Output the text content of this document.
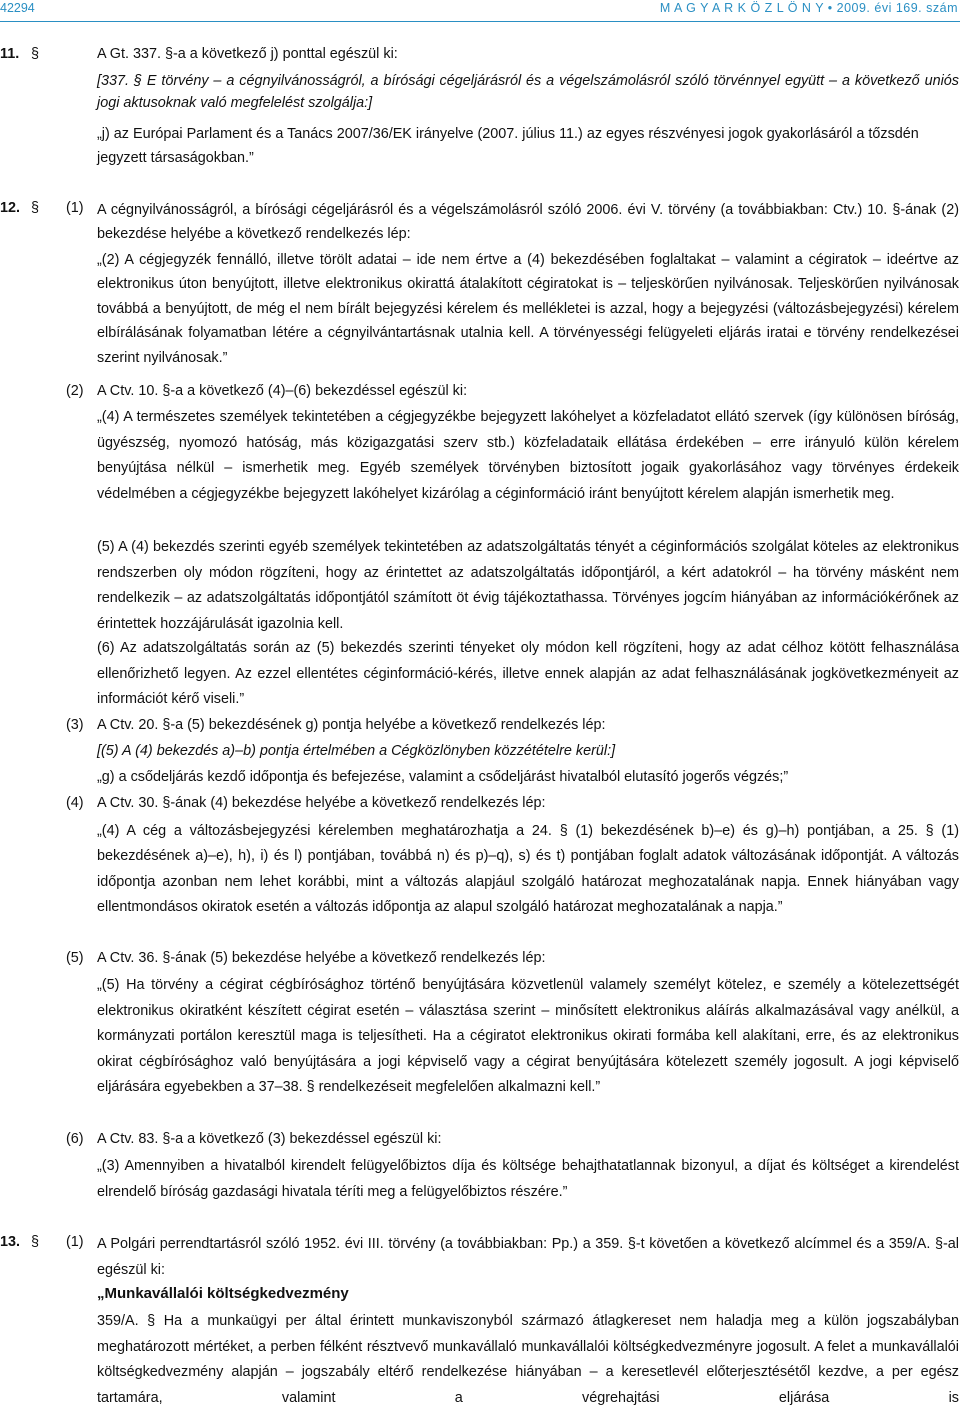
42294	M A G Y A R K Ö Z L Ö N Y • 2009. évi 169. szám
11. §	A Gt. 337. §-a a következő j) ponttal egészül ki:
[337. § E törvény – a cégnyilvánosságról, a bírósági cégeljárásról és a végelszámolásról szóló törvénnyel együtt – a következő uniós jogi aktusoknak való megfelelést szolgálja:]
„j) az Európai Parlament és a Tanács 2007/36/EK irányelve (2007. július 11.) az egyes részvényesi jogok gyakorlásáról a tőzsdén jegyzett társaságokban.”
12. §	(1) A cégnyilvánosságról, a bírósági cégeljárásról és a végelszámolásról szóló 2006. évi V. törvény (a továbbiakban: Ctv.) 10. §-ának (2) bekezdése helyébe a következő rendelkezés lép:
„(2) A cégjegyzék fennálló, illetve törölt adatai – ide nem értve a (4) bekezdésében foglaltakat – valamint a cégiratok – ideértve az elektronikus úton benyújtott, illetve elektronikus okirattá átalakított cégiratokat is – teljeskörűen nyilvánosak. Teljeskörűen nyilvánosak továbbá a benyújtott, de még el nem bírált bejegyzési kérelem és mellékletei is azzal, hogy a bejegyzési (változásbejegyzési) kérelem elbírálásának folyamatban létére a cégnyilvántartásnak utalnia kell. A törvényességi felügyeleti eljárás iratai e törvény rendelkezései szerint nyilvánosak.”
(2) A Ctv. 10. §-a a következő (4)–(6) bekezdéssel egészül ki:
„(4) A természetes személyek tekintetében a cégjegyzékbe bejegyzett lakóhelyet a közfeladatot ellátó szervek (így különösen bíróság, ügyészség, nyomozó hatóság, más közigazgatási szerv stb.) közfeladataik ellátása érdekében – erre irányuló külön kérelem benyújtása nélkül – ismerhetik meg. Egyéb személyek törvényben biztosított jogaik gyakorlásához vagy törvényes érdekeik védelmében a cégjegyzékbe bejegyzett lakóhelyet kizárólag a céginformáció iránt benyújtott kérelem alapján ismerhetik meg.
(5) A (4) bekezdés szerinti egyéb személyek tekintetében az adatszolgáltatás tényét a céginformációs szolgálat köteles az elektronikus rendszerben oly módon rögzíteni, hogy az érintettet az adatszolgáltatás időpontjáról, a kért adatokról – ha törvény másként nem rendelkezik – az adatszolgáltatás időpontjától számított öt évig tájékoztathassa. Törvényes jogcím hiányában az információkérőnek az érintettek hozzájárulását igazolnia kell.
(6) Az adatszolgáltatás során az (5) bekezdés szerinti tényeket oly módon kell rögzíteni, hogy az adat célhoz kötött felhasználása ellenőrizhető legyen. Az ezzel ellentétes céginformáció-kérés, illetve ennek alapján az adat felhasználásának jogkövetkezményeit az információt kérő viseli.”
(3) A Ctv. 20. §-a (5) bekezdésének g) pontja helyébe a következő rendelkezés lép:
[(5) A (4) bekezdés a)–b) pontja értelmében a Cégközlönyben közzétételre kerül:]
„g) a csődeljárás kezdő időpontja és befejezése, valamint a csődeljárást hivatalból elutasító jogerős végzés;”
(4) A Ctv. 30. §-ának (4) bekezdése helyébe a következő rendelkezés lép:
„(4) A cég a változásbejegyzési kérelemben meghatározhatja a 24. § (1) bekezdésének b)–e) és g)–h) pontjában, a 25. § (1) bekezdésének a)–e), h), i) és l) pontjában, továbbá n) és p)–q), s) és t) pontjában foglalt adatok változásának időpontját. A változás időpontja azonban nem lehet korábbi, mint a változás alapjául szolgáló határozat meghozatalának napja. Ennek hiányában vagy ellentmondásos okiratok esetén a változás időpontja az alapul szolgáló határozat meghozatalának a napja.”
(5) A Ctv. 36. §-ának (5) bekezdése helyébe a következő rendelkezés lép:
„(5) Ha törvény a cégirat cégbírósághoz történő benyújtására közvetlenül valamely személyt kötelez, e személy a kötelezettségét elektronikus okiratként készített cégirat esetén – választása szerint – minősített elektronikus aláírás alkalmazásával vagy anélkül, a kormányzati portálon keresztül maga is teljesítheti. Ha a cégiratot elektronikus okirati formába kell alakítani, erre, és az elektronikus okirat cégbírósághoz való benyújtására a jogi képviselő vagy a cégirat benyújtására kötelezett személy jogosult. A jogi képviselő eljárására egyebekben a 37–38. § rendelkezéseit megfelelően alkalmazni kell.”
(6) A Ctv. 83. §-a a következő (3) bekezdéssel egészül ki:
„(3) Amennyiben a hivatalból kirendelt felügyelőbiztos díja és költsége behajthatatlannak bizonyul, a díjat és költséget a kirendelést elrendelő bíróság gazdasági hivatala téríti meg a felügyelőbiztos részére.”
13. §	(1) A Polgári perrendtartásról szóló 1952. évi III. törvény (a továbbiakban: Pp.) a 359. §-t követően a következő alcímmel és a 359/A. §-al egészül ki:
„Munkavállalói költségkedvezmény
359/A. § Ha a munkaügyi per által érintett munkaviszonyból származó átlagkereset nem haladja meg a külön jogszabályban meghatározott mértéket, a perben félként résztvevő munkavállaló munkavállalói költségkedvezményre jogosult. A felet a munkavállalói költségkedvezmény alapján – jogszabály eltérő rendelkezése hiányában – a keresetlevél előterjesztésétől kezdve, a per egész tartamára, valamint a végrehajtási eljárása is
